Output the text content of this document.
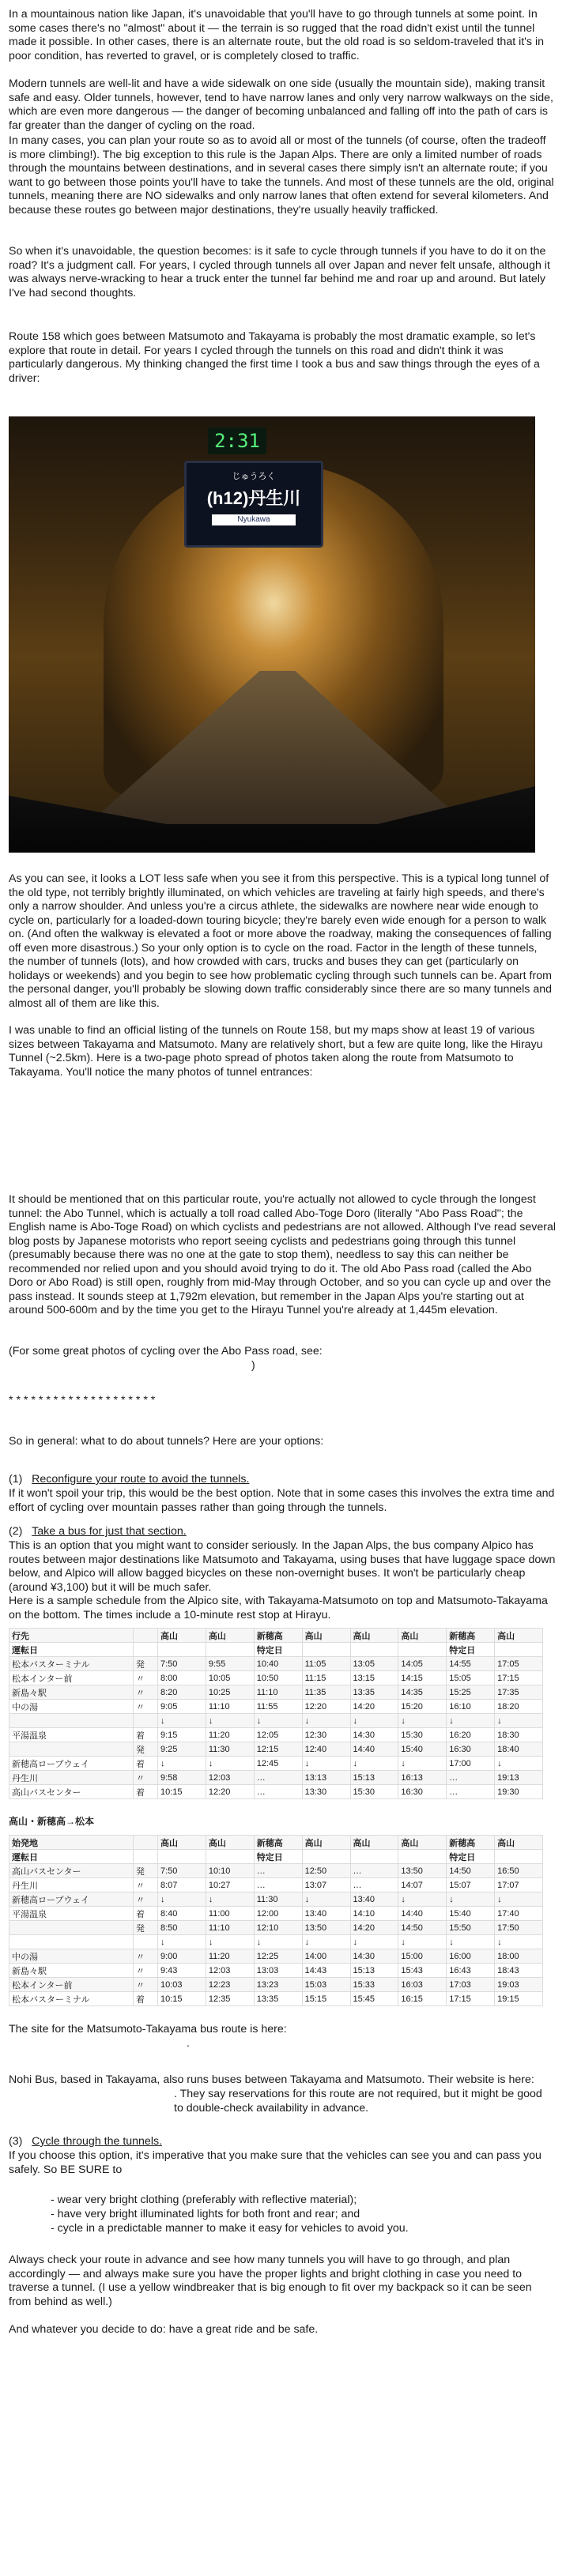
In a mountainous nation like Japan, it's unavoidable that you'll have to go through tunnels at some point. In some cases there's no "almost" about it — the terrain is so rugged that the road didn't exist until the tunnel made it possible. In other cases, there is an alternate route, but the old road is so seldom-traveled that it's in poor condition, has reverted to gravel, or is completely closed to traffic.

Modern tunnels are well-lit and have a wide sidewalk on one side (usually the mountain side), making transit safe and easy. Older tunnels, however, tend to have narrow lanes and only very narrow walkways on the side, which are even more dangerous — the danger of becoming unbalanced and falling off into the path of cars is far greater than the danger of cycling on the road.

In many cases, you can plan your route so as to avoid all or most of the tunnels (of course, often the tradeoff is more climbing!). The big exception to this rule is the Japan Alps. There are only a limited number of roads through the mountains between destinations, and in several cases there simply isn't an alternate route; if you want to go between those points you'll have to take the tunnels. And most of these tunnels are the old, original tunnels, meaning there are NO sidewalks and only narrow lanes that often extend for several kilometers. And because these routes go between major destinations, they're usually heavily trafficked.

So when it's unavoidable, the question becomes: is it safe to cycle through tunnels if you have to do it on the road? It's a judgment call. For years, I cycled through tunnels all over Japan and never felt unsafe, although it was always nerve-wracking to hear a truck enter the tunnel far behind me and roar up and around. But lately I've had second thoughts.

Route 158 which goes between Matsumoto and Takayama is probably the most dramatic example, so let's explore that route in detail. For years I cycled through the tunnels on this road and didn't think it was particularly dangerous. My thinking changed the first time I took a bus and saw things through the eyes of a driver:

2:31
じゅうろく
(h12)丹生川
Nyukawa

As you can see, it looks a LOT less safe when you see it from this perspective. This is a typical long tunnel of the old type, not terribly brightly illuminated, on which vehicles are traveling at fairly high speeds, and there's only a narrow shoulder. And unless you're a circus athlete, the sidewalks are nowhere near wide enough to cycle on, particularly for a loaded-down touring bicycle; they're barely even wide enough for a person to walk on. (And often the walkway is elevated a foot or more above the roadway, making the consequences of falling off even more disastrous.) So your only option is to cycle on the road. Factor in the length of these tunnels, the number of tunnels (lots), and how crowded with cars, trucks and buses they can get (particularly on holidays or weekends) and you begin to see how problematic cycling through such tunnels can be. Apart from the personal danger, you'll probably be slowing down traffic considerably since there are so many tunnels and almost all of them are like this.

I was unable to find an official listing of the tunnels on Route 158, but my maps show at least 19 of various sizes between Takayama and Matsumoto. Many are relatively short, but a few are quite long, like the Hirayu Tunnel (~2.5km). Here is a two-page photo spread of photos taken along the route from Matsumoto to Takayama. You'll notice the many photos of tunnel entrances:

It should be mentioned that on this particular route, you're actually not allowed to cycle through the longest tunnel: the Abo Tunnel, which is actually a toll road called Abo-Toge Doro (literally "Abo Pass Road"; the English name is Abo-Toge Road) on which cyclists and pedestrians are not allowed. Although I've read several blog posts by Japanese motorists who report seeing cyclists and pedestrians going through this tunnel (presumably because there was no one at the gate to stop them), needless to say this can neither be recommended nor relied upon and you should avoid trying to do it. The old Abo Pass road (called the Abo Doro or Abo Road) is still open, roughly from mid-May through October, and so you can cycle up and over the pass instead. It sounds steep at 1,792m elevation, but remember in the Japan Alps you're starting out at around 500-600m and by the time you get to the Hirayu Tunnel you're already at 1,445m elevation.

(For some great photos of cycling over the Abo Pass road, see:

)

* * * * * * * * * * * * * * * * * * * *

So in general: what to do about tunnels? Here are your options:

(1) Reconfigure your route to avoid the tunnels.

If it won't spoil your trip, this would be the best option. Note that in some cases this involves the extra time and effort of cycling over mountain passes rather than going through the tunnels.

(2) Take a bus for just that section.

This is an option that you might want to consider seriously. In the Japan Alps, the bus company Alpico has routes between major destinations like Matsumoto and Takayama, using buses that have luggage space down below, and Alpico will allow bagged bicycles on these non-overnight buses. It won't be particularly cheap (around ¥3,100) but it will be much safer.

Here is a sample schedule from the Alpico site, with Takayama-Matsumoto on top and Matsumoto-Takayama on the bottom. The times include a 10-minute rest stop at Hirayu.

行先		高山	高山	新穂高	高山	高山	高山	新穂高	高山
運転日				特定日				特定日	
松本バスターミナル	発	7:50	9:55	10:40	11:05	13:05	14:05	14:55	17:05
松本インター前	〃	8:00	10:05	10:50	11:15	13:15	14:15	15:05	17:15
新島々駅	〃	8:20	10:25	11:10	11:35	13:35	14:35	15:25	17:35
中の湯	〃	9:05	11:10	11:55	12:20	14:20	15:20	16:10	18:20
		↓	↓	↓	↓	↓	↓	↓	↓
平湯温泉	着	9:15	11:20	12:05	12:30	14:30	15:30	16:20	18:30
	発	9:25	11:30	12:15	12:40	14:40	15:40	16:30	18:40
新穂高ロープウェイ	着	↓	↓	12:45	↓	↓	↓	17:00	↓
丹生川	〃	9:58	12:03	…	13:13	15:13	16:13	…	19:13
高山バスセンター	着	10:15	12:20	…	13:30	15:30	16:30	…	19:30
高山・新穂高→松本
始発地		高山	高山	新穂高	高山	高山	高山	新穂高	高山
運転日				特定日				特定日	
高山バスセンター	発	7:50	10:10	…	12:50	…	13:50	14:50	16:50
丹生川	〃	8:07	10:27	…	13:07	…	14:07	15:07	17:07
新穂高ロープウェイ	〃	↓	↓	11:30	↓	13:40	↓	↓	↓
平湯温泉	着	8:40	11:00	12:00	13:40	14:10	14:40	15:40	17:40
	発	8:50	11:10	12:10	13:50	14:20	14:50	15:50	17:50
		↓	↓	↓	↓	↓	↓	↓	↓
中の湯	〃	9:00	11:20	12:25	14:00	14:30	15:00	16:00	18:00
新島々駅	〃	9:43	12:03	13:03	14:43	15:13	15:43	16:43	18:43
松本インター前	〃	10:03	12:23	13:23	15:03	15:33	16:03	17:03	19:03
松本バスターミナル	着	10:15	12:35	13:35	15:15	15:45	16:15	17:15	19:15

The site for the Matsumoto-Takayama bus route is here:

.

Nohi Bus, based in Takayama, also runs buses between Takayama and Matsumoto. Their website is here:

. They say reservations for this route are not required, but it might be good to double-check availability in advance.

(3) Cycle through the tunnels.

If you choose this option, it's imperative that you make sure that the vehicles can see you and can pass you safely. So BE SURE to

- wear very bright clothing (preferably with reflective material);
- have very bright illuminated lights for both front and rear; and
- cycle in a predictable manner to make it easy for vehicles to avoid you.

Always check your route in advance and see how many tunnels you will have to go through, and plan accordingly — and always make sure you have the proper lights and bright clothing in case you need to traverse a tunnel. (I use a yellow windbreaker that is big enough to fit over my backpack so it can be seen from behind as well.)

And whatever you decide to do: have a great ride and be safe.
